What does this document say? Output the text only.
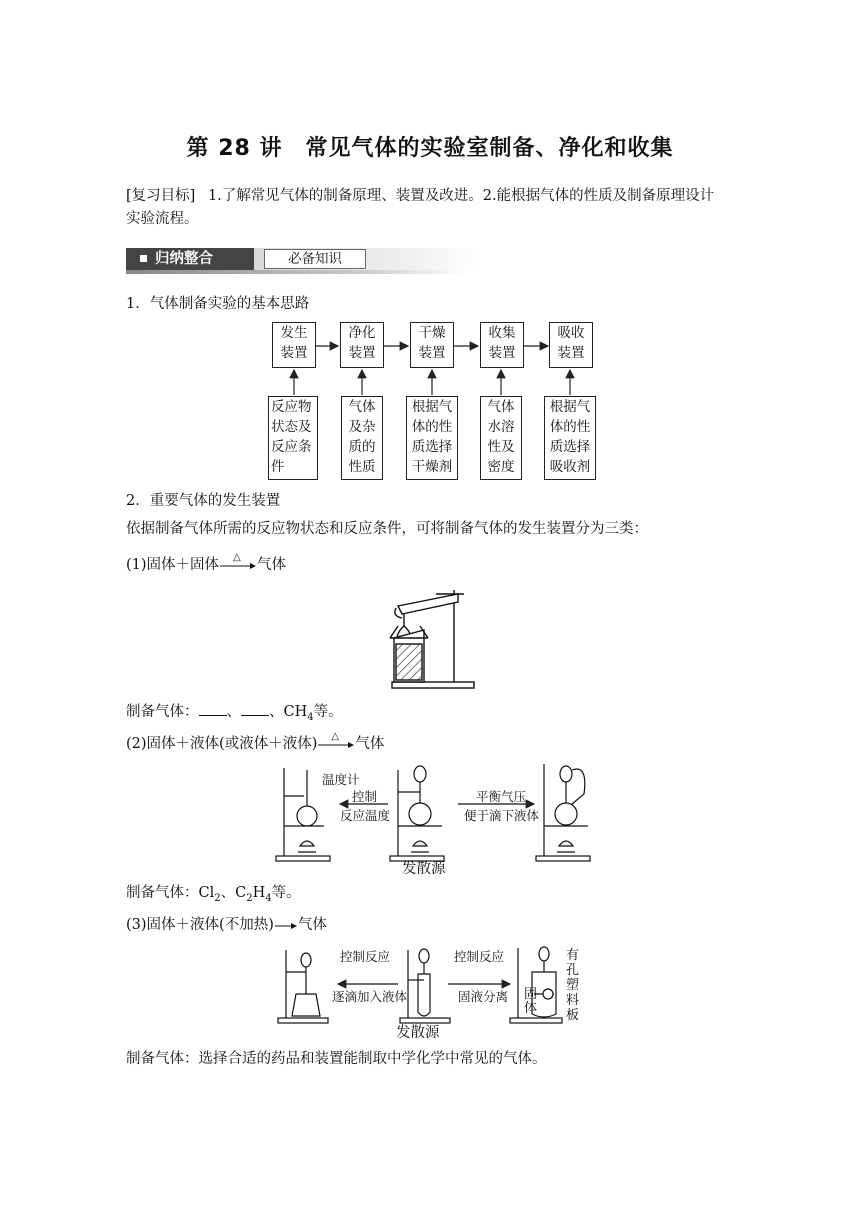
第 28 讲　常见气体的实验室制备、净化和收集
[复习目标] 1.了解常见气体的制备原理、装置及改进。2.能根据气体的性质及制备原理设计
实验流程。
归纳整合	必备知识
1．气体制备实验的基本思路
发生
装置
净化
装置
干燥
装置
收集
装置
吸收
装置
反应物
状态及
反应条
件
气体
及杂
质的
性质
根据气
体的性
质选择
干燥剂
气体
水溶
性及
密度
根据气
体的性
质选择
吸收剂
2．重要气体的发生装置
依据制备气体所需的反应物状态和反应条件，可将制备气体的发生装置分为三类：
(1)固体＋固体 △ 气体
制备气体： 、 、$CH_4$等。
(2)固体＋液体(或液体＋液体) △ 气体
温度计
控制
反应温度
平衡气压
便于滴下液体
发散源
制备气体：$Cl_2$、$C_2H_4$等。
(3)固体＋液体(不加热) 气体
控制反应
逐滴加入液体
控制反应
固液分离 固体
有孔塑料板
发散源
制备气体：选择合适的药品和装置能制取中学化学中常见的气体。
